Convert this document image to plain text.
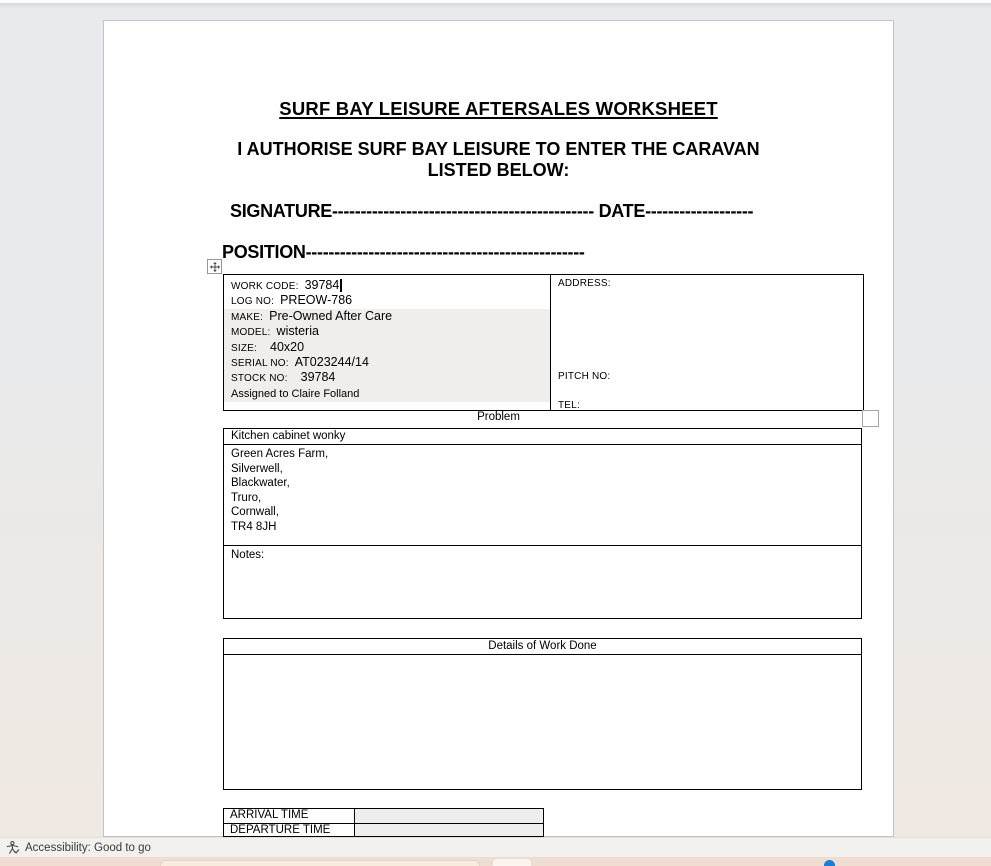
SURF BAY LEISURE AFTERSALES WORKSHEET
I AUTHORISE SURF BAY LEISURE TO ENTER THE CARAVAN
LISTED BELOW:
SIGNATURE---------------------------------------------- DATE-------------------
POSITION-------------------------------------------------
WORK CODE: 39784
LOG NO: PREOW-786
MAKE: Pre-Owned After Care
MODEL: wisteria
SIZE: 40x20
SERIAL NO: AT023244/14
STOCK NO: 39784
Assigned to Claire Folland
ADDRESS:
PITCH NO:
TEL:
Problem
Kitchen cabinet wonky
Green Acres Farm,
Silverwell,
Blackwater,
Truro,
Cornwall,
TR4 8JH
Notes:
Details of Work Done
ARRIVAL TIME
DEPARTURE TIME
Accessibility: Good to go
